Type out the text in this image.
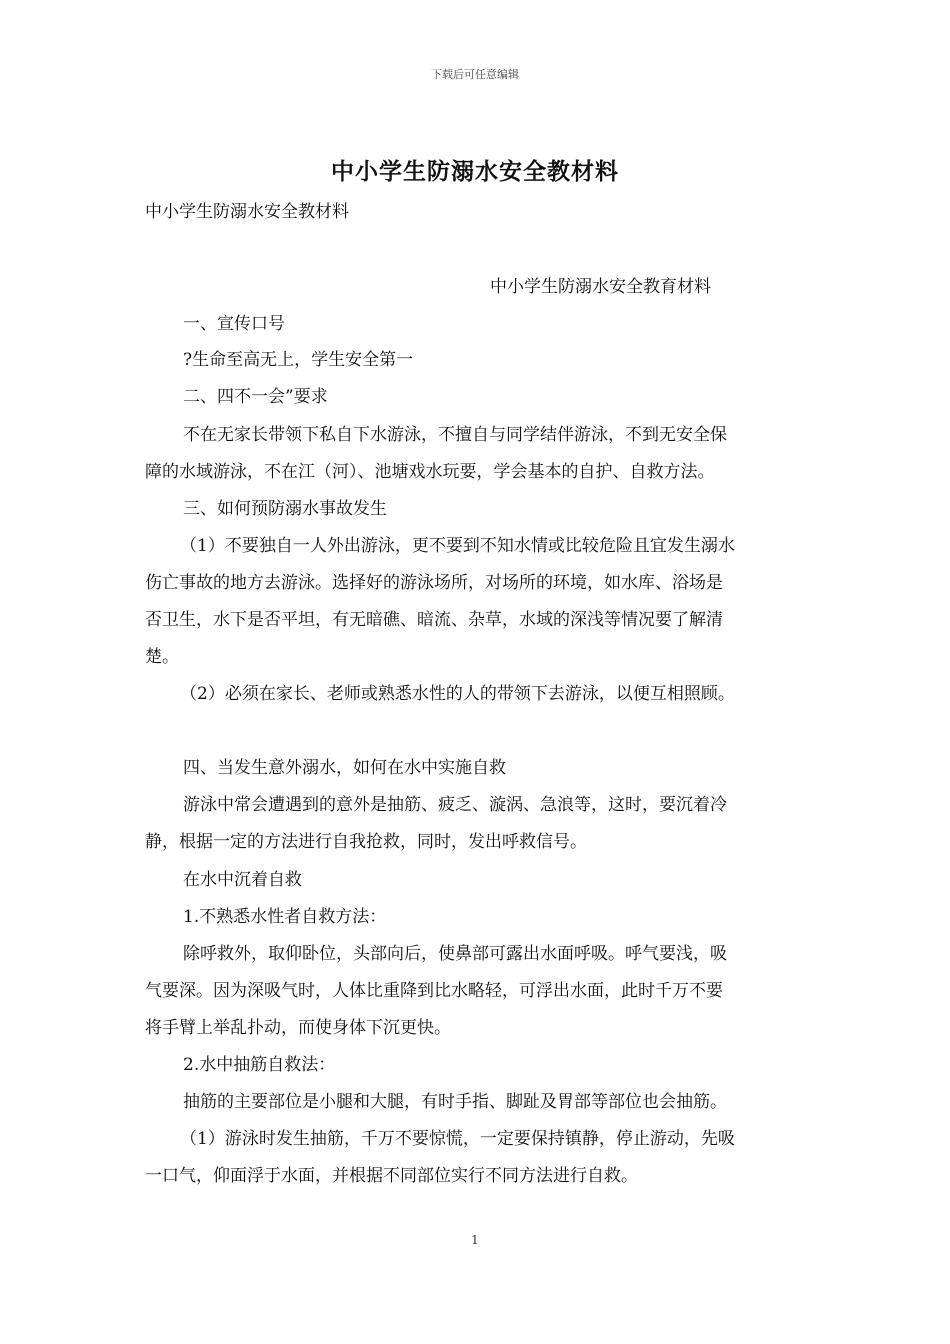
下载后可任意编辑
中小学生防溺水安全教材料
中小学生防溺水安全教材料
中小学生防溺水安全教育材料
一、宣传口号
?生命至高无上，学生安全第一
二、四不一会”要求
不在无家长带领下私自下水游泳，不擅自与同学结伴游泳，不到无安全保
障的水域游泳，不在江（河）、池塘戏水玩要，学会基本的自护、自救方法。
三、如何预防溺水事故发生
（1）不要独自一人外出游泳，更不要到不知水情或比较危险且宜发生溺水
伤亡事故的地方去游泳。选择好的游泳场所，对场所的环境，如水库、浴场是
否卫生，水下是否平坦，有无暗礁、暗流、杂草，水域的深浅等情况要了解清
楚。
（2）必须在家长、老师或熟悉水性的人的带领下去游泳，以便互相照顾。
四、当发生意外溺水，如何在水中实施自救
游泳中常会遭遇到的意外是抽筋、疲乏、漩涡、急浪等，这时，要沉着冷
静，根据一定的方法进行自我抢救，同时，发出呼救信号。
在水中沉着自救
1.不熟悉水性者自救方法：
除呼救外，取仰卧位，头部向后，使鼻部可露出水面呼吸。呼气要浅，吸
气要深。因为深吸气时，人体比重降到比水略轻，可浮出水面，此时千万不要
将手臂上举乱扑动，而使身体下沉更快。
2.水中抽筋自救法：
抽筋的主要部位是小腿和大腿，有时手指、脚趾及胃部等部位也会抽筋。
（1）游泳时发生抽筋，千万不要惊慌，一定要保持镇静，停止游动，先吸
一口气，仰面浮于水面，并根据不同部位实行不同方法进行自救。
1
